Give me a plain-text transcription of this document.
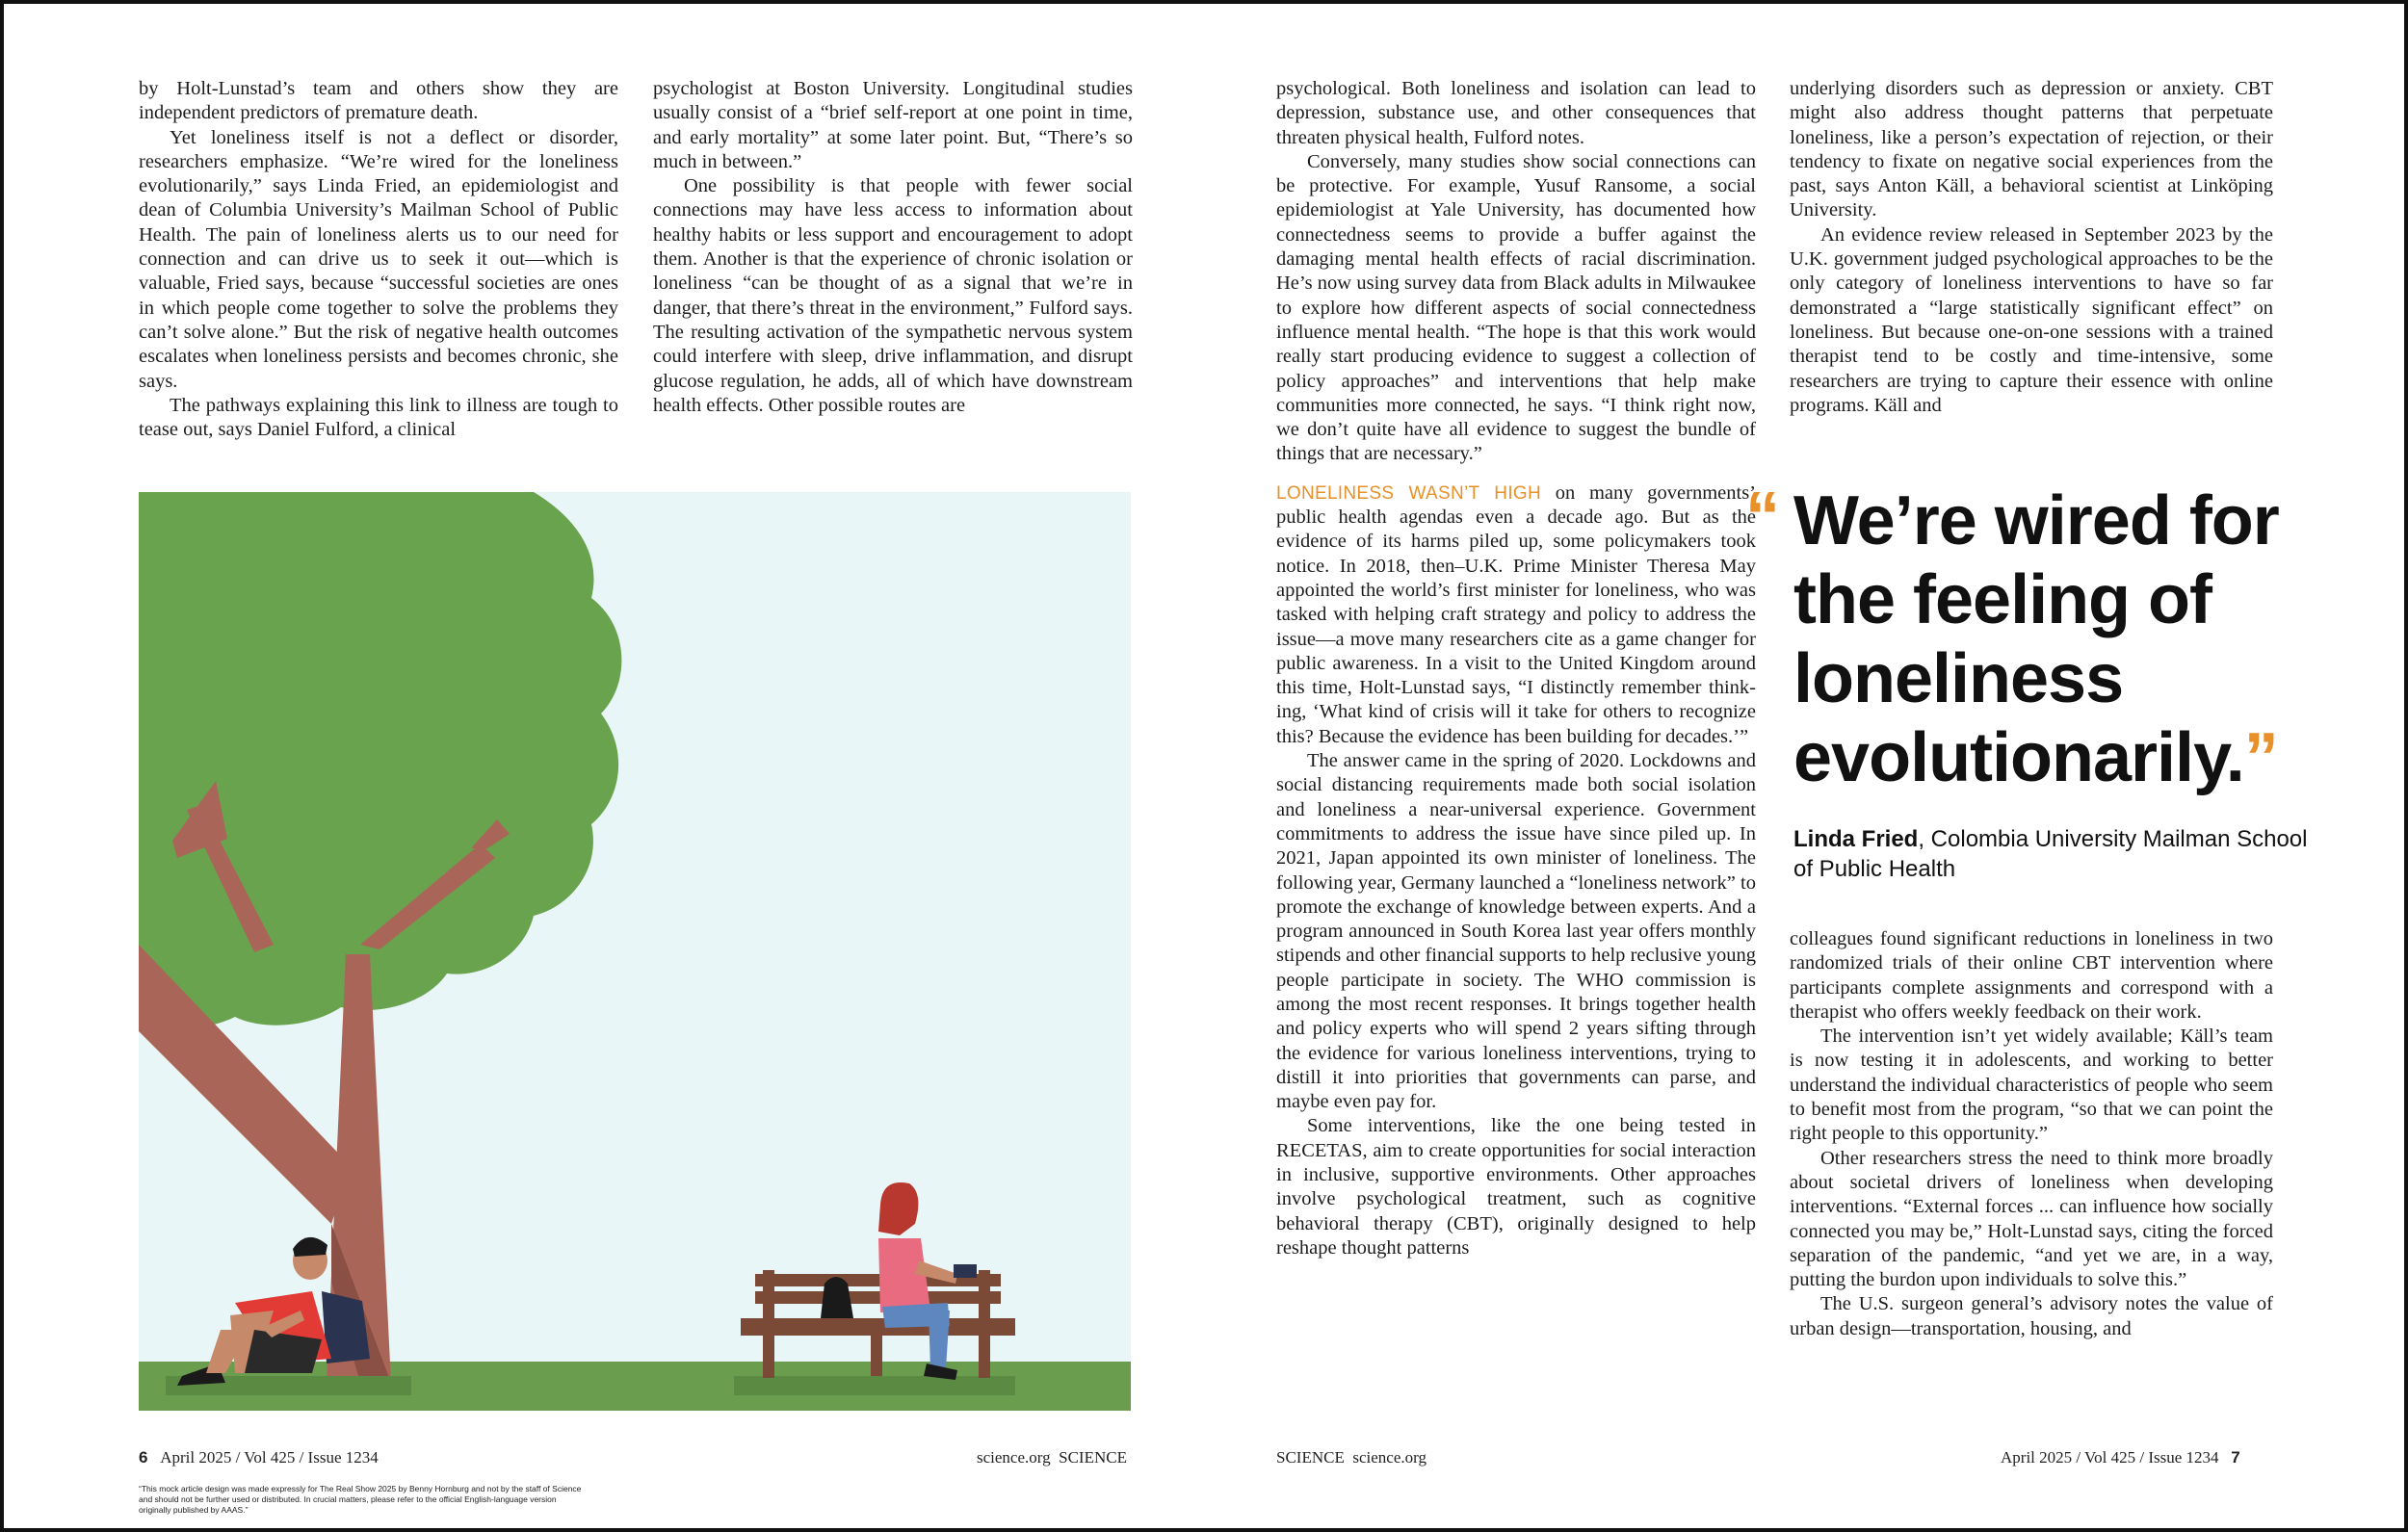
by Holt-Lunstad’s team and others show they are independent predictors of premature death.

Yet loneliness itself is not a deflect or disorder, researchers emphasize. “We’re wired for the loneliness evolutionarily,” says Linda Fried, an epidemiologist and dean of Columbia University’s Mailman School of Public Health. The pain of loneliness alerts us to our need for connection and can drive us to seek it out—which is valuable, Fried says, because “successful societies are ones in which people come together to solve the problems they can’t solve alone.” But the risk of negative health outcomes escalates when loneliness persists and becomes chronic, she says.

The pathways explaining this link to illness are tough to tease out, says Daniel Fulford, a clinical

psychologist at Boston University. Longitudinal studies usually consist of a “brief self-report at one point in time, and early mortality” at some later point. But, “There’s so much in between.”

One possibility is that people with fewer social connections may have less access to information about healthy habits or less support and encouragement to adopt them. Another is that the experience of chronic isolation or loneliness “can be thought of as a signal that we’re in danger, that there’s threat in the environment,” Fulford says. The resulting activation of the sympathetic nervous system could interfere with sleep, drive inflammation, and disrupt glucose regulation, he adds, all of which have downstream health effects. Other possible routes are

psychological. Both loneliness and isolation can lead to depression, substance use, and other consequences that threaten physical health, Fulford notes.

Conversely, many studies show social connections can be protective. For example, Yusuf Ransome, a social epidemiologist at Yale University, has documented how connectedness seems to provide a buffer against the damaging mental health effects of racial discrimination. He’s now using survey data from Black adults in Milwaukee to explore how different aspects of social connectedness influence mental health. “The hope is that this work would really start producing evidence to suggest a collection of policy approaches” and interventions that help make communities more connected, he says. “I think right now, we don’t quite have all evidence to suggest the bundle of things that are necessary.”

LONELINESS WASN’T HIGH on many governments’ public health agendas even a decade ago. But as the evidence of its harms piled up, some policymakers took notice. In 2018, then–U.K. Prime Minister Theresa May appointed the world’s first minister for loneliness, who was tasked with helping craft strategy and policy to address the issue—a move many researchers cite as a game changer for public awareness. In a visit to the United Kingdom around this time, Holt-Lunstad says, “I distinctly remember think- ing, ‘What kind of crisis will it take for others to recognize this? Because the evidence has been building for decades.’”

The answer came in the spring of 2020. Lockdowns and social distancing requirements made both social isolation and loneliness a near-universal experience. Government commitments to address the issue have since piled up. In 2021, Japan appointed its own minister of loneliness. The following year, Germany launched a “loneliness network” to promote the exchange of knowledge between experts. And a program announced in South Korea last year offers monthly stipends and other financial supports to help reclusive young people participate in society. The WHO commission is among the most recent responses. It brings together health and policy experts who will spend 2 years sifting through the evidence for various loneliness interventions, trying to distill it into priorities that governments can parse, and maybe even pay for.

Some interventions, like the one being tested in RECETAS, aim to create opportunities for social interaction in inclusive, supportive environments. Other approaches involve psychological treatment, such as cognitive behavioral therapy (CBT), originally designed to help reshape thought patterns

underlying disorders such as depression or anxiety. CBT might also address thought patterns that perpetuate loneliness, like a person’s expectation of rejection, or their tendency to fixate on negative social experiences from the past, says Anton Käll, a behavioral scientist at Linköping University.

An evidence review released in September 2023 by the U.K. government judged psychological approaches to be the only category of loneliness interventions to have so far demonstrated a “large statistically significant effect” on loneliness. But because one-on-one sessions with a trained therapist tend to be costly and time-intensive, some researchers are trying to capture their essence with online programs. Käll and

“ We’re wired for the feeling of loneliness evolutionarily.”

Linda Fried, Colombia University Mailman School of Public Health

colleagues found significant reductions in loneliness in two randomized trials of their online CBT intervention where participants complete assignments and correspond with a therapist who offers weekly feedback on their work.

The intervention isn’t yet widely available; Käll’s team is now testing it in adolescents, and working to better understand the individual characteristics of people who seem to benefit most from the program, “so that we can point the right people to this opportunity.”

Other researchers stress the need to think more broadly about societal drivers of loneliness when developing interventions. “External forces ... can influence how socially connected you may be,” Holt-Lunstad says, citing the forced separation of the pandemic, “and yet we are, in a way, putting the burdon upon individuals to solve this.”

The U.S. surgeon general’s advisory notes the value of urban design—transportation, housing, and

6 April 2025 / Vol 425 / Issue 1234	science.org SCIENCE	SCIENCE science.org	April 2025 / Vol 425 / Issue 1234 7
“This mock article design was made expressly for The Real Show 2025 by Benny Hornburg and not by the staff of Science and should not be further used or distributed. In crucial matters, please refer to the official English-language version originally published by AAAS.”
